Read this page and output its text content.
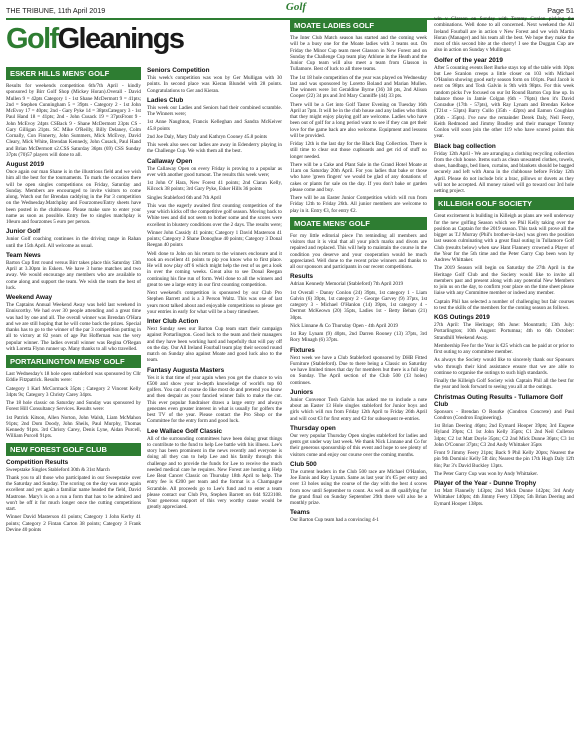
THE TRIBUNE, 11th April 2019	Golf	Page 51
GolfGleanings
ESKER HILLS MENS' GOLF

Results for weekends competition 6th/7th April - kindly sponsored by Birr Golf Shop (Mickey Horan).Overall - David Mullen 9 = 42pts Category 1 - 1st Shane McDermott 9 = 41pts; 2nd = Stephen Cunningham 5 = 39pts - Category 2 - 1st John McEvoy 17 = 40pts; 2nd - Gary Pyke 14 = 38ptsCategory 3 - 1st Paul Hand 18 = 41pts; 2nd - John Cusack 19 = 37ptsFront 9 - John McEvoy 24pts CSBack 9 - Shane McDermott 23pts CS - Gary Gilligan 21pts. SC Mike O'Reilly, Billy Delaney, Colm Cornally, Con Finnerty, John Summers, Mick McEvoy, David Cleary, Mick White, Brendan Kennedy, John Cusack, Paul Hand and Brian McDermott s2.CSS Saturday 36pts (69) CSS Sunday 37pts (70)57 players will done to all.

August 2019

Once again our man Shane is in the illustrious field and we wish him all the best for the tournaments. To mark the occasion there will be open singles competitions on Friday, Saturday and Sunday. Members are encouraged to invite visitors to come along. Watch out for Brendan caddying in the Par 3 competition on the Wednesday.Matchplay and Fourzomes/Entry sheets have been posted in the clubhouse. Please make sure to enter your name as soon as possible. Entry fee to singles matchplay is 10euro and fourzomes 5 euro per person.

Junior Golf

Junior Golf coaching continues in the driving range in Rahan until the 15th April. All welcome as usual.

Team News

Barton Cup first round versus Birr takes place this Saturday 13th April at 3.30pm in Eskers. We have 3 home matches and two away. We would encourage any members who are available to come along and support the team. We wish the team the best of luck.

Weekend Away

The Captains Annual Weekend Away was held last weekend in Enniscorthy. We had over 30 people attending and a great time was had by one and all. The overall winner was Brendan O'Hara and we are still hoping that he will come back the prizes. Special thanks has to go to the winner of the par 3 competition putting in all to victory at 82 years of age Pat Hoffernan was the very popular winner. The ladies overall winner was Regina O'Regan with Loretta Flynn runner up. Many thanks to all who travelled.

PORTARLINGTON MENS' GOLF

Last Wednesday's 18 hole open stableford was sponsored by Cllr Eddie Fitzpatrick. Results were:

Category 1 Karl McCormack 35pts ; Category 2 Vincent Kelly 34pts 9s; Category 3 Christy Carey 34pts.

The 18 hole classic on Saturday and Sunday was sponsored by Forest Hill Consultancy Services. Results were:

1st Patrick Kitson, Allen Norton, John Walsh, Liam McMahon 91pts; 2nd Dom Doody, John Sheils, Paul Murphy, Thomas Kennedy 91pts. 3rd Christy Carey, Denis Lyne, Aidan Purcell, William Purcell 91pts.

NEW FOREST GOLF CLUB
Competition Results

Sweepstake Singles Stableford 30th & 31st March

Thank you to all those who participated in our Sweepstake over the Saturday and Sunday. The scoring on the day was once again excellent and yet again a familiar name headed the field, David Mastrone. Mary's is on a run a form that has to be admired and won't be off it for much longer once the cutting competitions start.

Winner David Masterson 41 points; Category 1 John Kerby 41 points; Category 2 Fintan Carton 38 points; Category 3 Frank Devine 40 points

Seniors Competition

This week's competition was won by Ger Mulligan with 30 points. In second place was Kieran Blundel with 28 points. Congratulations to Ger and Kieran.

Ladies Club

This week our Ladies and Seniors had their combined scramble. The Winners were;

1st Anne Naughton, Francis Kelleghan and Sandra McKeiver 45.8 points

2nd Joe Daly, Mary Daly and Kathryn Cooney 45.8 points

This week also sees our ladies are away in Edenderry playing in the Challenge Cup. We wish them all the best.

Callaway Open

The Callaway Open on every Friday is proving to a popular as ever with another good turnout. The results this week were;

1st John O' Hara, New Forest 41 points; 2nd Ciaran Kelly, Kilcock 38 points; 3rd Gary Pyke, Esker Hills 36 points

Singles Stableford 6th and 7th April

This was the eagerly awaited first counting competition of the year which kicks off the competitive golf season. Moving back to White tees and did not seem to bother some and the scores were excellent in blustery conditions over the 2 days. The results were;

Winner John Cassidy 41 points; Category 1 David Masterson 41 points; Category 2 Shane Donoghue 40 points; Category 3 Donal Reegan 40 points

Well done to John on his return to the winners enclosure and it took an excellent 41 points to pip you know who to first place. He will now play off 6 which might help the rest of us get a look in over the coming weeks. Great also to see Donal Reegan continuing his fine run of form. Well done to all the winners and great to see a large entry in our first counting competition.

Next weekend's competition is sponsored by our Club Pro Stephen Barrett and is a 3 Person Waltz. This was one of last years most talked about and enjoyable competitions so please get your entries in early for what will be a busy timesheet.

Inter Club Action

Next Sunday sees our Barton Cup team start their campaign against Portarlington. Good luck to the team and their managers and they have been working hard and hopefully that will pay off on the day. Our All Ireland Fourball team play their second round match on Sunday also against Moate and good luck also to the team.

Fantasy Augusta Masters

Yes it is that time of year again when you get the chance to win €500 and show your in-depth knowledge of world's top 60 golfers. You can of course do like most do and pretend you know and then despair as your fancied winner fails to make the cut. This ever popular fundraiser draws a large entry and always generates even greater interest in what is usually for golfers the best TV of the year. Please contact the Pro Shop or the Committee for the entry form and good luck.

Lee Wallace Golf Classic

All of the surrounding committees have been doing great things to contribute to the fund to help Lee battle with his illness. Lee's story has been prominent in the news recently and everyone is doing all they can to help Lee and his family through this challenge and to provide the funds for Lee to receive the much needed medical care he requires. New Forest are hosting a Help Lee Beat Cancer Classic on Thursday 18th April to help. The entry fee is €200 per team and the format is a Champagne Scramble. All proceeds go to Lee's fund and to enter a team please contact our Club Pro, Stephen Barrett on 044 9223108. Your generous support of this very worthy cause would be greatly appreciated.

MOATE LADIES GOLF

The Inter Club Match season has started and the coming week will be a busy one for the Moate ladies with 3 teams out. On Friday the Minor Cup team meet Glasson in New Forest and on Sunday the Challenge Cup team play Athlone in the Heath and the Junior Cup team will also meet a team from Glasson in Tullamore. Best of luck to all three teams.

The 1st 18 hole competition of the year was played on Wednesday last and was sponsored by Loretto Boland and Marian Mullen. The winners were 1st Geraldine Byrne (36) 38 pts, 2nd Alison Cooper (22) 34 pts and 3rd Mary Cunniffe (44) 33 pts.

There will be a Get into Golf Taster Evening on Tuesday 16th April at 7pm. It will be in the club house and any ladies who think that they might enjoy playing golf are welcome. Ladies who have been out of golf for a long period want to see if they can get their love for the game back are also welcome. Equipment and lessons will be provided.

Friday 12th is the last day for the Black Bag Collection. There is still time to clear out those cupboards and get rid of stuff no longer needed.

There will be a Cake and Plant Sale in the Grand Hotel Moate at 11am on Saturday 20th April. For you ladies that bake or those who have 'green fingers' we would be glad of any donations of cakes or plants for sale on the day. If you don't bake or garden please come and buy.

There will be an Easter Junior Competition which will run from Friday 12th to Friday 26th. All junior members are welcome to play in it. Entry €3, for entry €2.

MOATE MENS' GOLF

For my little editorial piece I'm reminding all members and visitors that it is vital that all your pitch marks and divots are repaired and replaced. This will help to maintain the course in the condition you deserve and your cooperation would be much appreciated. Well done to the recent prize winners and thanks to all our sponsors and participants in our recent competitions.

Results

Adrian Kennedy Memorial (Stableford) 7th April 2019

1st Overall - Danny Conlon (24) 39pts, 1st category 1 - Liam Galvin (6) 39pts, 1st category 2 - George Garvey (9) 37pts, 1st category 3 - Michael O'Hanlon (14) 39pts, 1st category 4 - Dermot McKeown (20) 35pts, Ladies 1st - Betty Behan (21) 30pts.

Nick Linnane & Co Thursday Open - 4th April 2019

1st Ray Lynam (9) 40pts, 2nd Darren Rooney (13) 37pts, 3rd Rory Minagh (6) 37pts.

Fixtures

Next week we have a Club Stableford sponsored by DHB Fitted Furniture (Stableford). Due to there being a Classic on Saturday we have limited times that day for members but there is a full day on Sunday. The April section of the Club 500 (13 holes) continues.

Juniors

Junior Convenor Tosh Galvin has asked me to include a note about an Easter 13 Hole singles stableford for Junior boys and girls which will run from Friday 12th April to Friday 26th April and will cost €3 for first entry and €2 for subsequent re-entries.

Thursday open

Our very popular Thursday Open singles stableford for ladies and gents got under way last week. We thank Nick Linnane and Co for their generous sponsorship of this event and hope to see plenty of visitors come and enjoy our course over the coming months.

Club 500

The current leaders in the Club 500 race are Michael O'Hanlon, Joe Ennis and Ray Lynam. Same as last year it's €5 per entry and over 13 holes using the course of the day with the best 4 scores from now until September to count. As well as 48 qualifying for the grand final on Sunday September 29th there will also be a monthly prize.

Teams

Our Barton Cup team had a convincing 4-1

win v Glasson on Sunday with Tommy Conlon picking the combinations. Well done to all concerned. Next weekend the All Ireland Fourball are in action v New Forest and we wish Martin Horan (Manager) and his team all the best. We hope they make the most of this second bite at the cherry! I see the Duggan Cup are also in action on Sunday v Mullingar.

Golfer of the year 2019

After 5 counting events Bert Burke stays top of the table with 10pts but Lee Scanlon creeps a little closer on 103 with Michael O'Hanlon showing good early season form on 101pts. Paul Jacob is next on 98pts and Tosh Galvin is 9th with 98pts. For this week random picks I've focused on our Ist Round Barton Cup line up. In balance those in Jamie Colgan (6th - 76pts) then it's David Conradue (17th - 57pts), with Ray Lynam and Brendan Kehoe (T21st - 53pts) Barry Cullo (35th - 42pts) and Eamon Coughlan (36th - 35pts). I've now the remainder Derek Daly, Neil Feery, Keith Redmond and Jimmy Bradley and their manager Tommy Conlon will soon join the other 119 who have scored points this year.

Black bag collection

Friday 12th April - We are arranging a clothing recycling collection from the club house. Items such as clean unwanted clothes, towels, shoes, handbags, bed linen, curtains, and blankets should be bagged securely and left with Anna in the clubhouse before Friday 12th April. Please do not include bric a brac, pillows or duvets as they will not be accepted. All money raised will go toward our 3rd hole netting project.

KILLEIGH GOLF SOCIETY

Great excitement is building in Killeigh as plans are well underway for the new golfing Season which we Phil Kelly taking over the position as Captain for the 2019 season. This task will prove all the bigger as T.J Murray (Phil's brother-in-law) was given the position last season culminating with a great final outing in Tullamore Golf Club (results below) when saw Hant Flannery crowned a Player of the Year for the 5th time and the Peter Garry Cup been won by Andrew Whittaker.

The 2019 Season will begin on Saturday the 27th April in the Heritage Golf Club and the Society would like to invite all members past and present along with any potential New Members to join us on the day, to confirm your place on the time sheet please liaise with any Committee member or indeed any member.

Captain Phil has selected a number of challenging but fair courses to test the skills of the members for the coming season as follows.

KGS Outings 2019

27th April: The Heritage; 8th June: Mountrath; 13th July: Portarlington; 10th August: Portumna; 4th to 6th October: Strandhill Weekend Away.

Membership Fee for the Year is €25 which can be paid at or prior to first outing to any committee member.

As always the Society would like to sincerely thank our Sponsors who through their kind assistance ensure that we are able to continue to organise the outings to such high standards.

Finally the Killeigh Golf Society wish Captain Phil all the best for the year and look forward to seeing you all at the outings.

Christmas Outing Results - Tullamore Golf Club

Sponsors - Brendan O Rourke (Condron Concrete) and Paul Condron (Condron Engineering).

1st Brian Deering 46pts; 2nd Eymard Hooper 39pts; 3rd Eugene Hyland 39pts; C1 1st John Kelly 35pts; C1 2nd Neil Culleton 34pts; C2 1st Matt Doyle 35pts; C2 2nd Mick Dunne 36pts; C3 1st John O'Connor 37pts; C3 2nd Andy Whittaker 35pts

Front 9 Jimmy Feery 21pts; Back 9 Phil Kelly 20pts; Nearest the pin 9th Dominic Kelly 5ft 4in; Nearest the pin 17th Hugh Daly 12ft 8in; Par 3's David Buckley 13pts.

The Peter Garry Cup was won by Andy Whittaker.

Player of the Year - Dunne Trophy

1st Matt Flannelly 143pts; 2nd Mick Dunne 142pts; 3rd Andy Whittaker 140pts; 4th Jimmy Feery 139pts; 5th Brian Deering and Eymard Hooper 138pts.
